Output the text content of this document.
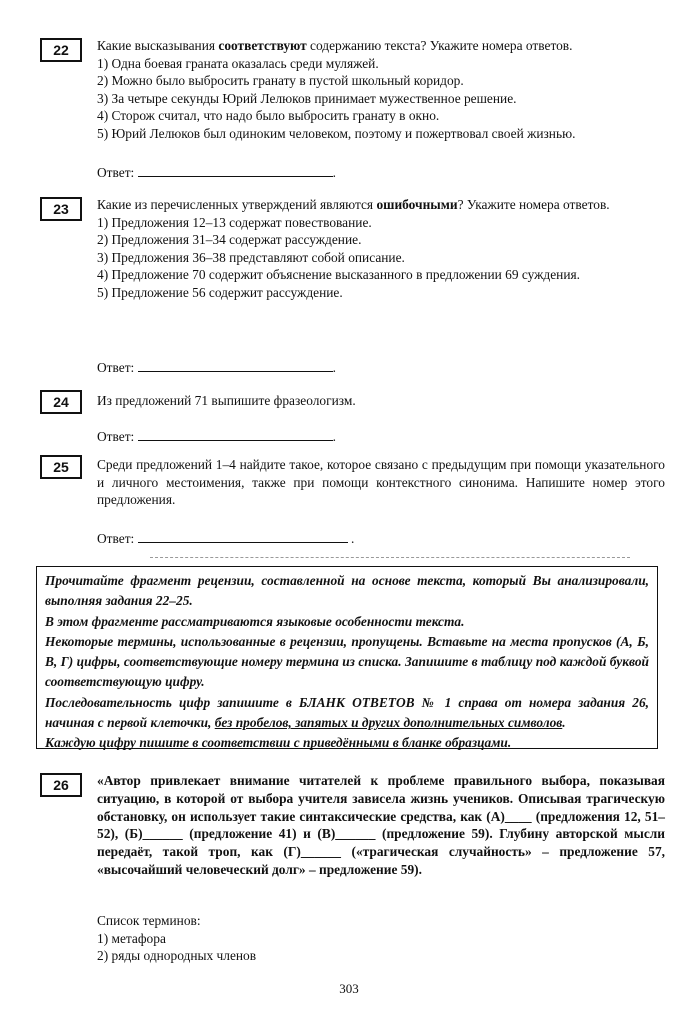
22	Какие высказывания соответствуют содержанию текста? Укажите номера ответов.

1) Одна боевая граната оказалась среди муляжей.

2) Можно было выбросить гранату в пустой школьный коридор.

3) За четыре секунды Юрий Лелюков принимает мужественное решение.

4) Сторож считал, что надо было выбросить гранату в окно.

5) Юрий Лелюков был одиноким человеком, поэтому и пожертвовал своей жизнью.

Ответ:	.
23	Какие из перечисленных утверждений являются ошибочными? Укажите номера ответов.

1) Предложения 12–13 содержат повествование.

2) Предложения 31–34 содержат рассуждение.

3) Предложения 36–38 представляют собой описание.

4) Предложение 70 содержит объяснение высказанного в предложении 69 суждения.

5) Предложение 56 содержит рассуждение.

Ответ:	.
24	Из предложений 71 выпишите фразеологизм.

Ответ:	.
25	Среди предложений 1–4 найдите такое, которое связано с предыдущим при помощи указательного и личного местоимения, также при помощи контекстного синонима. Напишите номер этого предложения.

Ответ:	.

Прочитайте фрагмент рецензии, составленной на основе текста, который Вы анализировали, выполняя задания 22–25.

В этом фрагменте рассматриваются языковые особенности текста.

Некоторые термины, использованные в рецензии, пропущены. Вставьте на места пропусков (А, Б, В, Г) цифры, соответствующие номеру термина из списка. Запишите в таблицу под каждой буквой соответствующую цифру.

Последовательность цифр запишите в БЛАНК ОТВЕТОВ № 1 справа от номера задания 26, начиная с первой клеточки, без пробелов, запятых и других дополнительных символов.

Каждую цифру пишите в соответствии с приведёнными в бланке образцами.

26	«Автор привлекает внимание читателей к проблеме правильного выбора, показывая ситуацию, в которой от выбора учителя зависела жизнь учеников. Описывая трагическую обстановку, он использует такие синтаксические средства, как (А)____ (предложения 12, 51–52), (Б)______ (предложение 41) и (В)______ (предложение 59). Глубину авторской мысли передаёт, такой троп, как (Г)______ («трагическая случайность» – предложение 57, «высочайший человеческий долг» – предложение 59).

Список терминов:

1) метафора

2) ряды однородных членов

303
